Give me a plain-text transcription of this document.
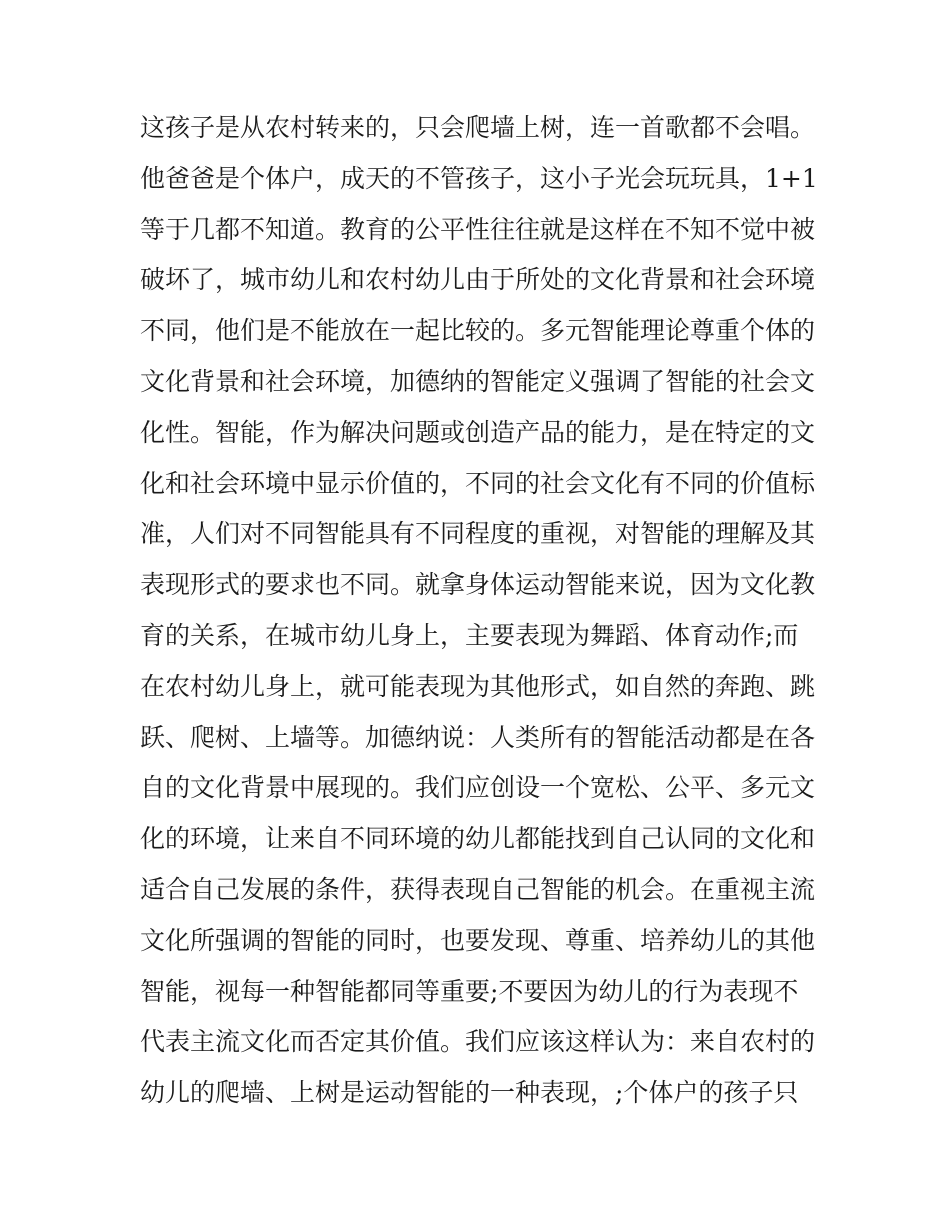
这孩子是从农村转来的，只会爬墙上树，连一首歌都不会唱。
他爸爸是个体户，成天的不管孩子，这小子光会玩玩具，1+1
等于几都不知道。教育的公平性往往就是这样在不知不觉中被
破坏了，城市幼儿和农村幼儿由于所处的文化背景和社会环境
不同，他们是不能放在一起比较的。多元智能理论尊重个体的
文化背景和社会环境，加德纳的智能定义强调了智能的社会文
化性。智能，作为解决问题或创造产品的能力，是在特定的文
化和社会环境中显示价值的，不同的社会文化有不同的价值标
准，人们对不同智能具有不同程度的重视，对智能的理解及其
表现形式的要求也不同。就拿身体运动智能来说，因为文化教
育的关系，在城市幼儿身上，主要表现为舞蹈、体育动作;而
在农村幼儿身上，就可能表现为其他形式，如自然的奔跑、跳
跃、爬树、上墙等。加德纳说：人类所有的智能活动都是在各
自的文化背景中展现的。我们应创设一个宽松、公平、多元文
化的环境，让来自不同环境的幼儿都能找到自己认同的文化和
适合自己发展的条件，获得表现自己智能的机会。在重视主流
文化所强调的智能的同时，也要发现、尊重、培养幼儿的其他
智能，视每一种智能都同等重要;不要因为幼儿的行为表现不
代表主流文化而否定其价值。我们应该这样认为：来自农村的
幼儿的爬墙、上树是运动智能的一种表现，;个体户的孩子只
